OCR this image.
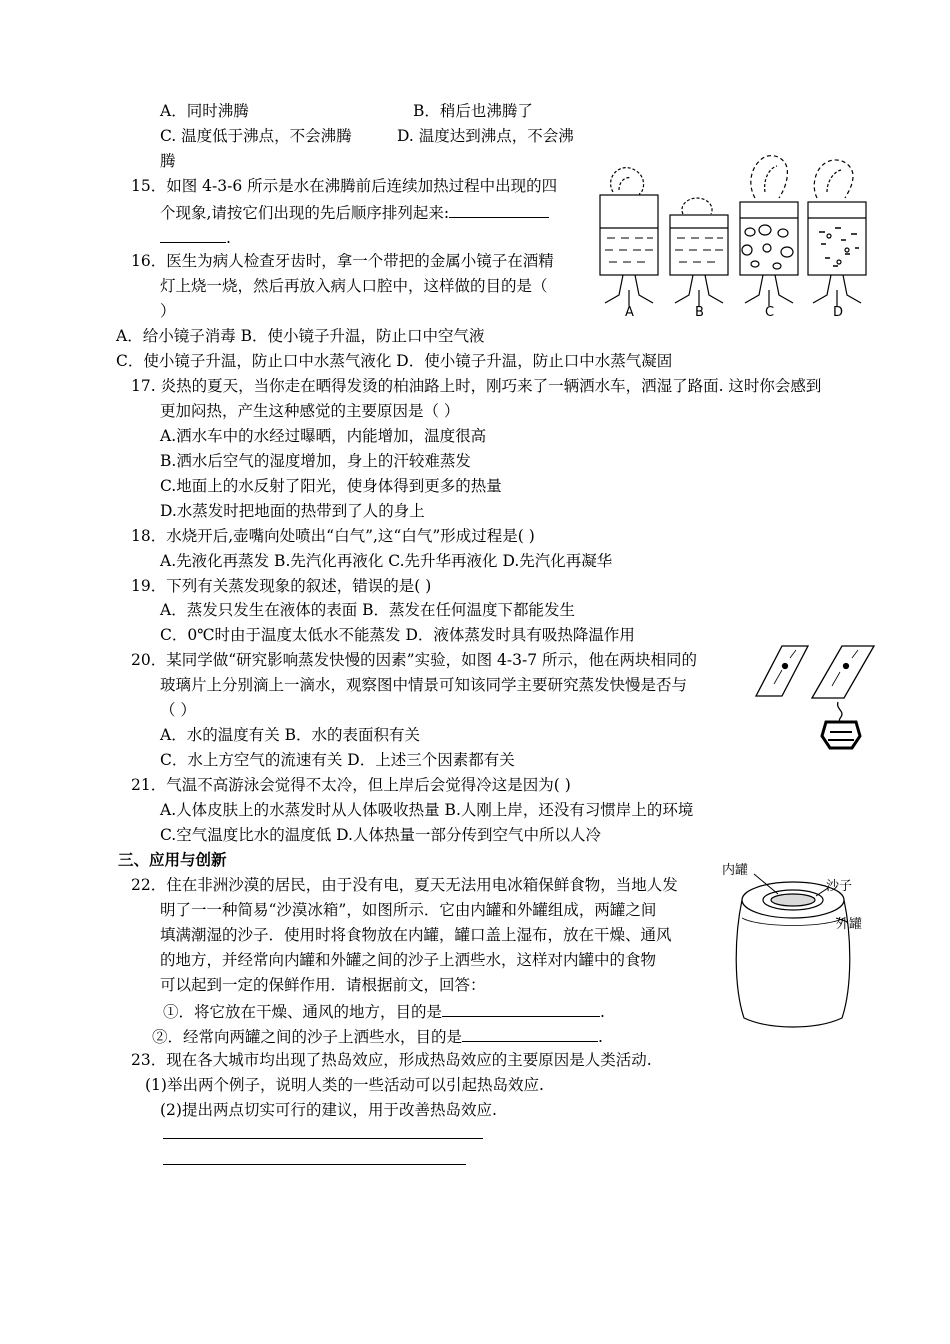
A．同时沸腾	B．稍后也沸腾了
C. 温度低于沸点，不会沸腾	D. 温度达到沸点，不会沸
腾
15．如图 4-3-6 所示是水在沸腾前后连续加热过程中出现的四
个现象,请按它们出现的先后顺序排列起来:
.
16．医生为病人检查牙齿时，拿一个带把的金属小镜子在酒精
灯上烧一烧，然后再放入病人口腔中，这样做的目的是（
）
A．给小镜子消毒 B．使小镜子升温，防止口中空气液
C．使小镜子升温，防止口中水蒸气液化 D．使小镜子升温，防止口中水蒸气凝固
A	B	C	D
17. 炎热的夏天，当你走在晒得发烫的柏油路上时，刚巧来了一辆洒水车，洒湿了路面. 这时你会感到
更加闷热，产生这种感觉的主要原因是（ ）
A.洒水车中的水经过曝晒，内能增加，温度很高
B.洒水后空气的湿度增加，身上的汗较难蒸发
C.地面上的水反射了阳光，使身体得到更多的热量
D.水蒸发时把地面的热带到了人的身上
18．水烧开后,壶嘴向处喷出“白气”,这“白气”形成过程是( )
A.先液化再蒸发 B.先汽化再液化 C.先升华再液化 D.先汽化再凝华
19．下列有关蒸发现象的叙述，错误的是( )
A．蒸发只发生在液体的表面 B．蒸发在任何温度下都能发生
C．0℃时由于温度太低水不能蒸发 D．液体蒸发时具有吸热降温作用
20．某同学做“研究影响蒸发快慢的因素”实验，如图 4-3-7 所示，他在两块相同的
玻璃片上分别滴上一滴水，观察图中情景可知该同学主要研究蒸发快慢是否与
（ ）
A．水的温度有关 B．水的表面积有关
C．水上方空气的流速有关 D．上述三个因素都有关
21．气温不高游泳会觉得不太冷，但上岸后会觉得冷这是因为( )
A.人体皮肤上的水蒸发时从人体吸收热量 B.人刚上岸，还没有习惯岸上的环境
C.空气温度比水的温度低 D.人体热量一部分传到空气中所以人冷
三、应用与创新
22．住在非洲沙漠的居民，由于没有电，夏天无法用电冰箱保鲜食物，当地人发
明了一一种简易“沙漠冰箱”，如图所示．它由内罐和外罐组成，两罐之间
填满潮湿的沙子．使用时将食物放在内罐，罐口盖上湿布，放在干燥、通风
的地方，并经常向内罐和外罐之间的沙子上洒些水，这样对内罐中的食物
可以起到一定的保鲜作用．请根据前文，回答：
①．将它放在干燥、通风的地方，目的是	.
②．经常向两罐之间的沙子上洒些水，目的是	.
内罐
沙子
外罐
23．现在各大城市均出现了热岛效应，形成热岛效应的主要原因是人类活动.
(1)举出两个例子，说明人类的一些活动可以引起热岛效应.
(2)提出两点切实可行的建议，用于改善热岛效应.
